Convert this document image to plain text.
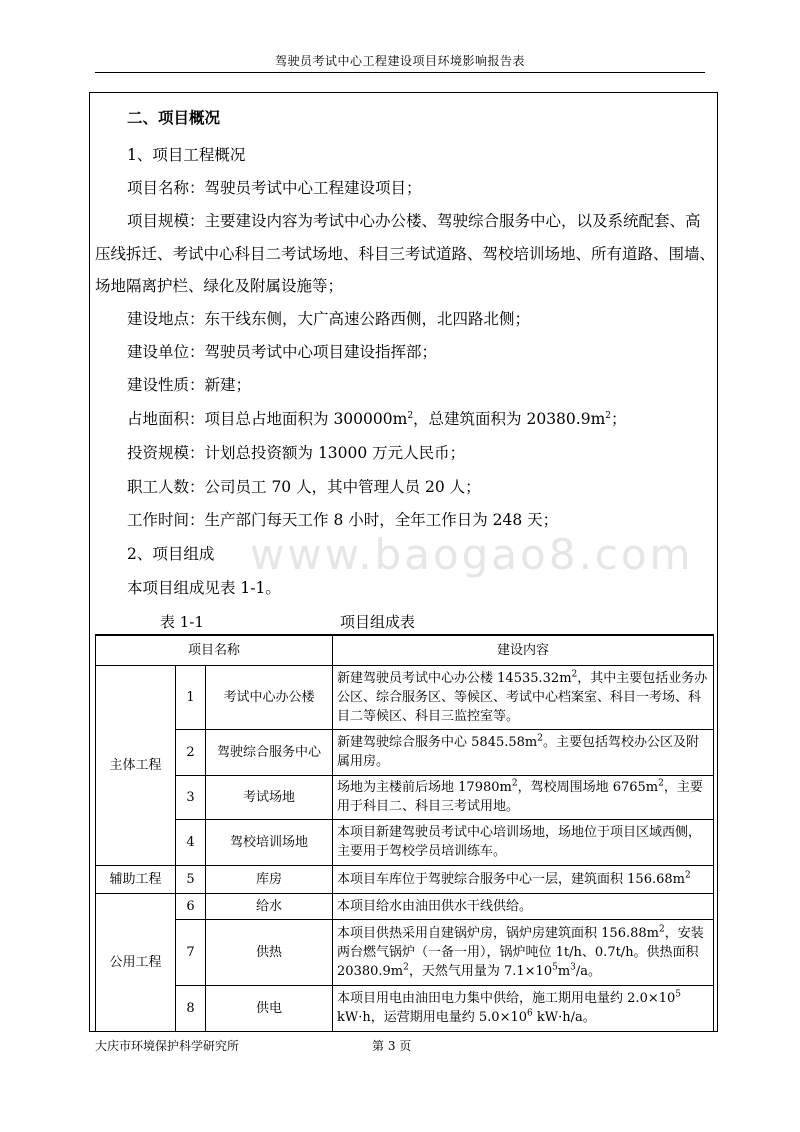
驾驶员考试中心工程建设项目环境影响报告表
www.baogao8.com
二、项目概况
1、项目工程概况
项目名称：驾驶员考试中心工程建设项目；
项目规模：主要建设内容为考试中心办公楼、驾驶综合服务中心，以及系统配套、高
压线拆迁、考试中心科目二考试场地、科目三考试道路、驾校培训场地、所有道路、围墙、
场地隔离护栏、绿化及附属设施等；
建设地点：东干线东侧，大广高速公路西侧，北四路北侧；
建设单位：驾驶员考试中心项目建设指挥部；
建设性质：新建；
占地面积：项目总占地面积为 $300000m^2$，总建筑面积为 $20380.9m^2$；
投资规模：计划总投资额为 13000 万元人民币；
职工人数：公司员工 70 人，其中管理人员 20 人；
工作时间：生产部门每天工作 8 小时，全年工作日为 248 天；
2、项目组成
本项目组成见表 1-1。
表 1-1	项目组成表
项目名称			建设内容
主体工程	1	考试中心办公楼	新建驾驶员考试中心办公楼 $14535.32m^2$，其中主要包括业务办公区、综合服务区、等候区、考试中心档案室、科目一考场、科目二等候区、科目三监控室等。
	2	驾驶综合服务中心	新建驾驶综合服务中心 $5845.58m^2$。主要包括驾校办公区及附属用房。
	3	考试场地	场地为主楼前后场地 $17980m^2$，驾校周围场地 $6765m^2$，主要用于科目二、科目三考试用地。
	4	驾校培训场地	本项目新建驾驶员考试中心培训场地，场地位于项目区域西侧，主要用于驾校学员培训练车。
辅助工程	5	库房	本项目车库位于驾驶综合服务中心一层，建筑面积 $156.68m^2$
公用工程	6	给水	本项目给水由油田供水干线供给。
	7	供热	本项目供热采用自建锅炉房，锅炉房建筑面积 $156.88m^2$，安装两台燃气锅炉（一备一用），锅炉吨位 1t/h、0.7t/h。供热面积 $20380.9m^2$，天然气用量为 $7.1\times 10^5m^3/a$。
	8	供电	本项目用电由油田电力集中供给，施工期用电量约 $2.0\times 10^5$
kW·h，运营期用电量约 $5.0\times 10^6$ kW·h/a。
大庆市环境保护科学研究所	第 3 页
